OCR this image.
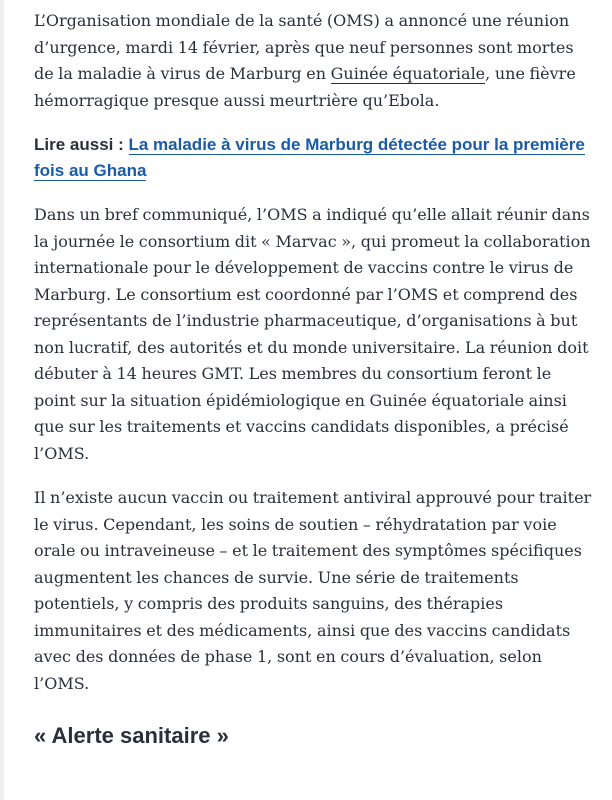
L’Organisation mondiale de la santé (OMS) a annoncé une réunion d’urgence, mardi 14 février, après que neuf personnes sont mortes de la maladie à virus de Marburg en Guinée équatoriale, une fièvre hémorragique presque aussi meurtrière qu’Ebola.

Lire aussi : La maladie à virus de Marburg détectée pour la première fois au Ghana

Dans un bref communiqué, l’OMS a indiqué qu’elle allait réunir dans la journée le consortium dit « Marvac », qui promeut la collaboration internationale pour le développement de vaccins contre le virus de Marburg. Le consortium est coordonné par l’OMS et comprend des représentants de l’industrie pharmaceutique, d’organisations à but non lucratif, des autorités et du monde universitaire. La réunion doit débuter à 14 heures GMT. Les membres du consortium feront le point sur la situation épidémiologique en Guinée équatoriale ainsi que sur les traitements et vaccins candidats disponibles, a précisé l’OMS.

Il n’existe aucun vaccin ou traitement antiviral approuvé pour traiter le virus. Cependant, les soins de soutien – réhydratation par voie orale ou intraveineuse – et le traitement des symptômes spécifiques augmentent les chances de survie. Une série de traitements potentiels, y compris des produits sanguins, des thérapies immunitaires et des médicaments, ainsi que des vaccins candidats avec des données de phase 1, sont en cours d’évaluation, selon l’OMS.

« Alerte sanitaire »
